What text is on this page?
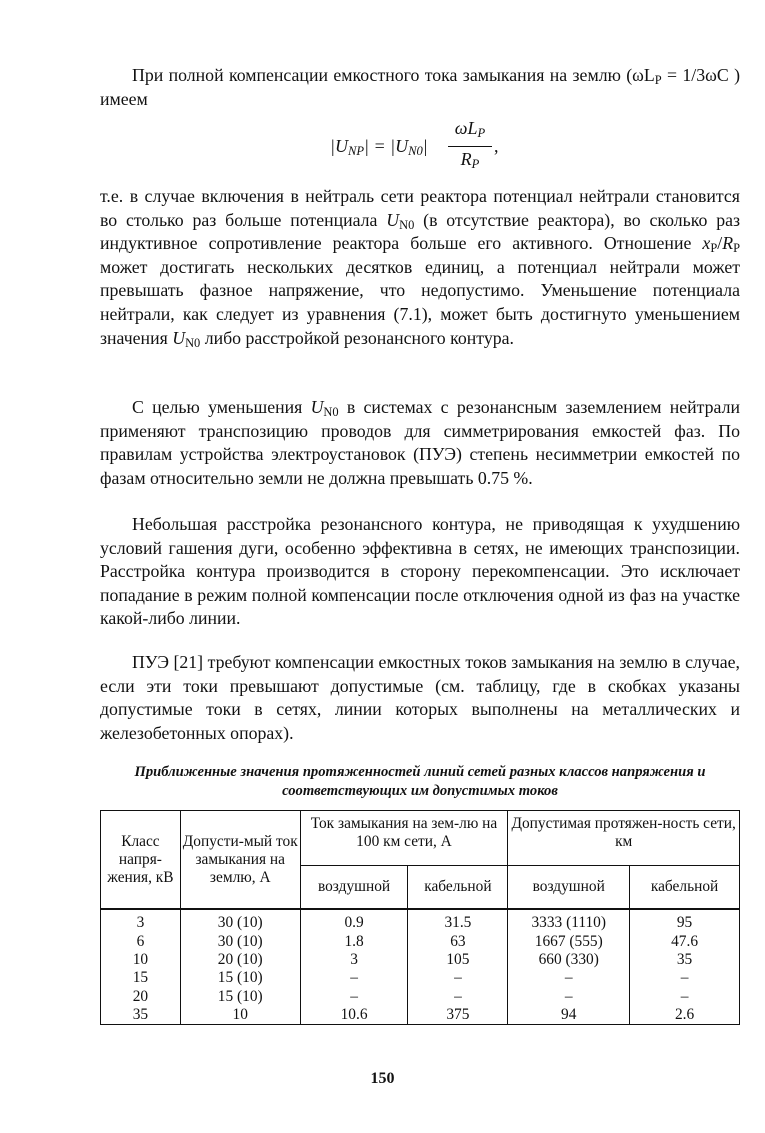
При полной компенсации емкостного тока замыкания на землю ($\omega L_P = 1/3\omega C$ ) имеем

$|U_{NP}| = |U_{N0}|$
$\omega L_P$
$R_P$
,

т.е. в случае включения в нейтраль сети реактора потенциал нейтрали становится во столько раз больше потенциала $U_{N0}$ (в отсутствие реактора), во сколько раз индуктивное сопротивление реактора больше его активного. Отношение $x_P/R_P$ может достигать нескольких десятков единиц, а потенциал нейтрали может превышать фазное напряжение, что недопустимо. Уменьшение потенциала нейтрали, как следует из уравнения (7.1), может быть достигнуто уменьшением значения $U_{N0}$ либо расстройкой резонансного контура.

С целью уменьшения $U_{N0}$ в системах с резонансным заземлением нейтрали применяют транспозицию проводов для симметрирования емкостей фаз. По правилам устройства электроустановок (ПУЭ) степень несимметрии емкостей по фазам относительно земли не должна превышать 0.75 %.

Небольшая расстройка резонансного контура, не приводящая к ухудшению условий гашения дуги, особенно эффективна в сетях, не имеющих транспозиции. Расстройка контура производится в сторону перекомпенсации. Это исключает попадание в режим полной компенсации после отключения одной из фаз на участке какой-либо линии.

ПУЭ [21] требуют компенсации емкостных токов замыкания на землю в случае, если эти токи превышают допустимые (см. таблицу, где в скобках указаны допустимые токи в сетях, линии которых выполнены на металлических и железобетонных опорах).

Приближенные значения протяженностей линий сетей разных классов напряжения и соответствующих им допустимых токов

Класс напря-жения, кВ	Допусти-мый ток замыкания на землю, А	Ток замыкания на зем-лю на 100 км сети, А		Допустимая протяжен-ность сети, км	
		воздушной	кабельной	воздушной	кабельной
3	30 (10)	0.9	31.5	3333 (1110)	95
6	30 (10)	1.8	63	1667 (555)	47.6
10	20 (10)	3	105	660 (330)	35
15	15 (10)	–	–	–	–
20	15 (10)	–	–	–	–
35	10	10.6	375	94	2.6
150
